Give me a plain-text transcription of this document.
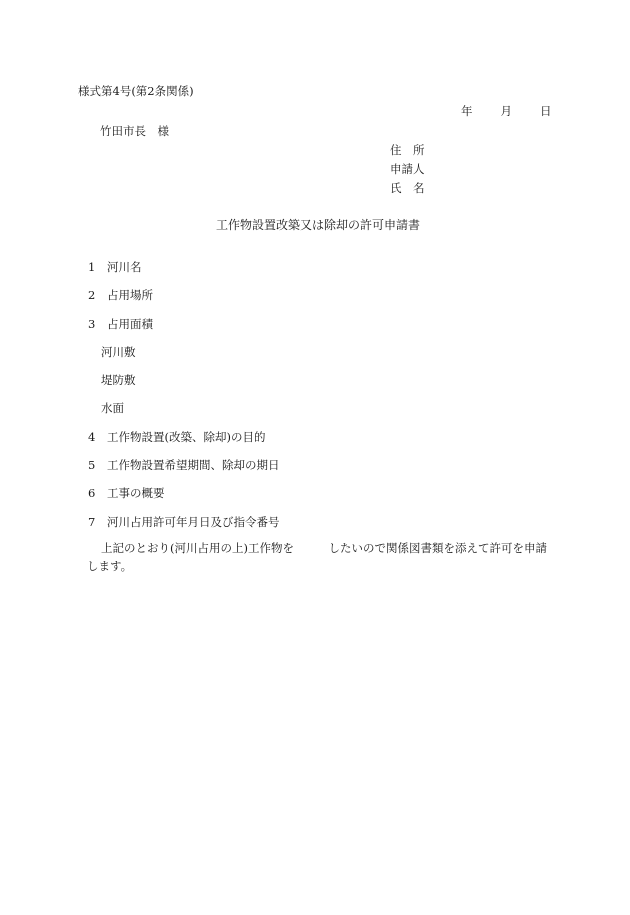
様式第4号(第2条関係)
年 月 日
竹田市長　様
住　所
申請人
氏　名
工作物設置改築又は除却の許可申請書
1 河川名
2 占用場所
3 占用面積
河川敷
堤防敷
水面
4 工作物設置(改築、除却)の目的
5 工作物設置希望期間、除却の期日
6 工事の概要
7 河川占用許可年月日及び指令番号
上記のとおり(河川占用の上)工作物を　　　したいので関係図書類を添えて許可を申請します。
